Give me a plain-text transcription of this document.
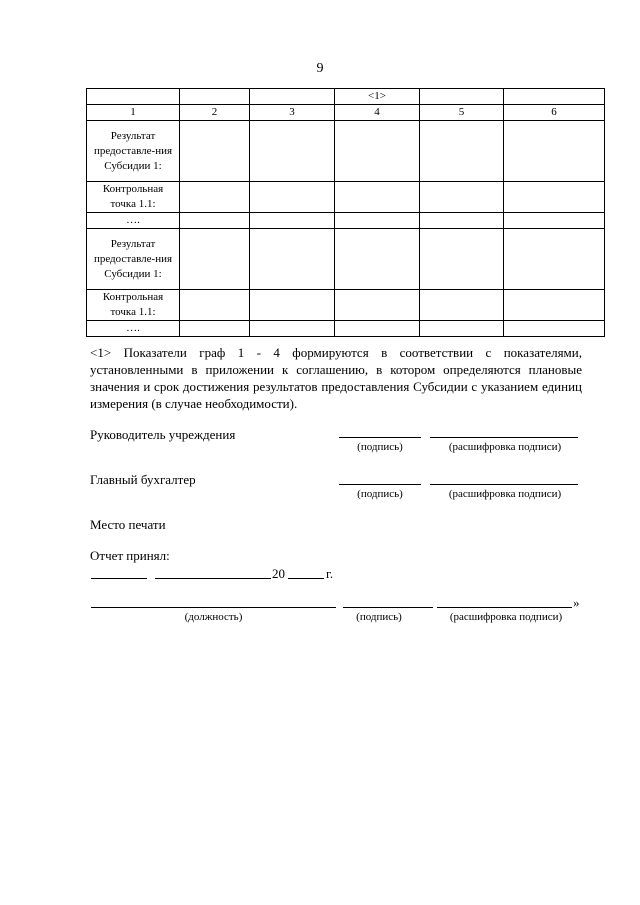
9
			<1>		
1	2	3	4	5	6
Результат предоставле-ния Субсидии 1:					
Контрольная точка 1.1:					
….					
Результат предоставле-ния Субсидии 1:					
Контрольная точка 1.1:					
….					
<1> Показатели граф 1 - 4 формируются в соответствии с показателями, установленными в приложении к соглашению, в котором определяются плановые значения и срок достижения результатов предоставления Субсидии с указанием единиц измерения (в случае необходимости).
Руководитель учреждения
(подпись)	(расшифровка подписи)
Главный бухгалтер
(подпись)	(расшифровка подписи)
Место печати
Отчет принял:
20	г.
»
(должность)	(подпись)	(расшифровка подписи)
